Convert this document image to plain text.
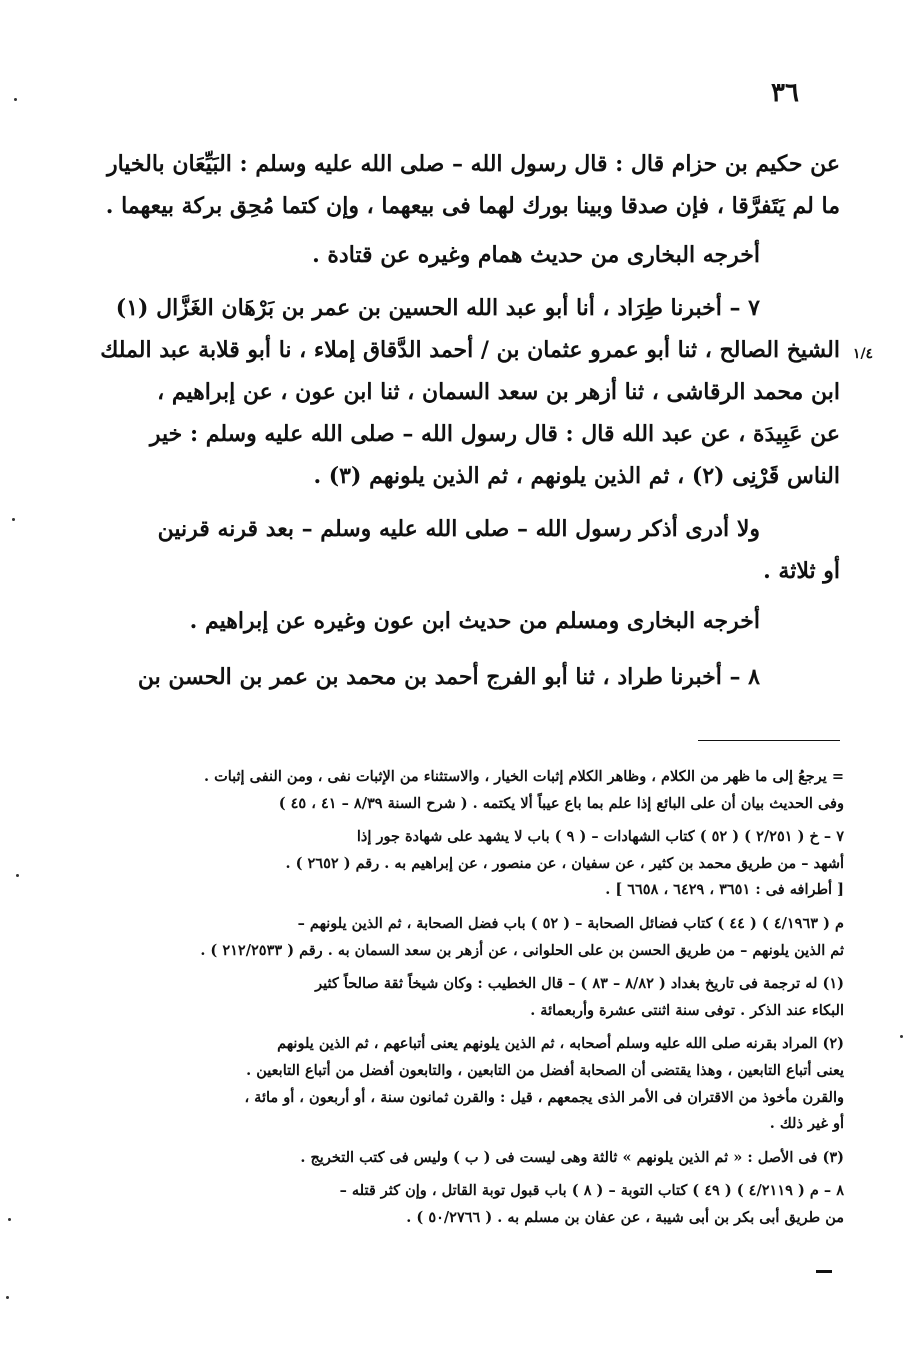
٣٦
١/٤

عن حكيم بن حزام قال : قال رسول الله – صلى الله عليه وسلم : البَيِّعَان بالخيار

ما لم يَتَفرَّقا ، فإن صدقا وبينا بورك لهما فى بيعهما ، وإن كتما مُحِق بركة بيعهما .

أخرجه البخارى من حديث همام وغيره عن قتادة .

٧ – أخبرنا طِرَاد ، أنا أبو عبد الله الحسين بن عمر بن بَرْهَان الغَزَّال (١)

الشيخ الصالح ، ثنا أبو عمرو عثمان بن / أحمد الدَّقاق إملاء ، نا أبو قلابة عبد الملك

ابن محمد الرقاشى ، ثنا أزهر بن سعد السمان ، ثنا ابن عون ، عن إبراهيم ،

عن عَبِيدَة ، عن عبد الله قال : قال رسول الله – صلى الله عليه وسلم : خير

الناس قَرْنِى (٢) ، ثم الذين يلونهم ، ثم الذين يلونهم (٣) .

ولا أدرى أذكر رسول الله – صلى الله عليه وسلم – بعد قرنه قرنين

أو ثلاثة .

أخرجه البخارى ومسلم من حديث ابن عون وغيره عن إبراهيم .

٨ – أخبرنا طراد ، ثنا أبو الفرج أحمد بن محمد بن عمر بن الحسن بن

= يرجعُ إلى ما ظهر من الكلام ، وظاهر الكلام إثبات الخيار ، والاستثناء من الإثبات نفى ، ومن النفى إثبات .

وفى الحديث بيان أن على البائع إذا علم بما باع عيباً ألا يكتمه . ( شرح السنة ٨/٣٩ – ٤١ ، ٤٥ )

٧ – خ ( ٢/٢٥١ ) ( ٥٢ ) كتاب الشهادات – ( ٩ ) باب لا يشهد على شهادة جور إذا

أشهد – من طريق محمد بن كثير ، عن سفيان ، عن منصور ، عن إبراهيم به . رقم ( ٢٦٥٢ ) .

[ أطرافه فى : ٣٦٥١ ، ٦٤٢٩ ، ٦٦٥٨ ] .

م ( ٤/١٩٦٣ ) ( ٤٤ ) كتاب فضائل الصحابة – ( ٥٢ ) باب فضل الصحابة ، ثم الذين يلونهم –

ثم الذين يلونهم – من طريق الحسن بن على الحلوانى ، عن أزهر بن سعد السمان به . رقم ( ٢١٢/٢٥٣٣ ) .

(١) له ترجمة فى تاريخ بغداد ( ٨/٨٢ – ٨٣ ) – قال الخطيب : وكان شيخاً ثقة صالحاً كثير

البكاء عند الذكر . توفى سنة اثنتى عشرة وأربعمائة .

(٢) المراد بقرنه صلى الله عليه وسلم أصحابه ، ثم الذين يلونهم يعنى أتباعهم ، ثم الذين يلونهم

يعنى أتباع التابعين ، وهذا يقتضى أن الصحابة أفضل من التابعين ، والتابعون أفضل من أتباع التابعين .

والقرن مأخوذ من الاقتران فى الأمر الذى يجمعهم ، قيل : والقرن ثمانون سنة ، أو أربعون ، أو مائة ،

أو غير ذلك .

(٣) فى الأصل : « ثم الذين يلونهم » ثالثة وهى ليست فى ( ب ) وليس فى كتب التخريج .

٨ – م ( ٤/٢١١٩ ) ( ٤٩ ) كتاب التوبة – ( ٨ ) باب قبول توبة القاتل ، وإن كثر قتله –

من طريق أبى بكر بن أبى شيبة ، عن عفان بن مسلم به . ( ٥٠/٢٧٦٦ ) .
